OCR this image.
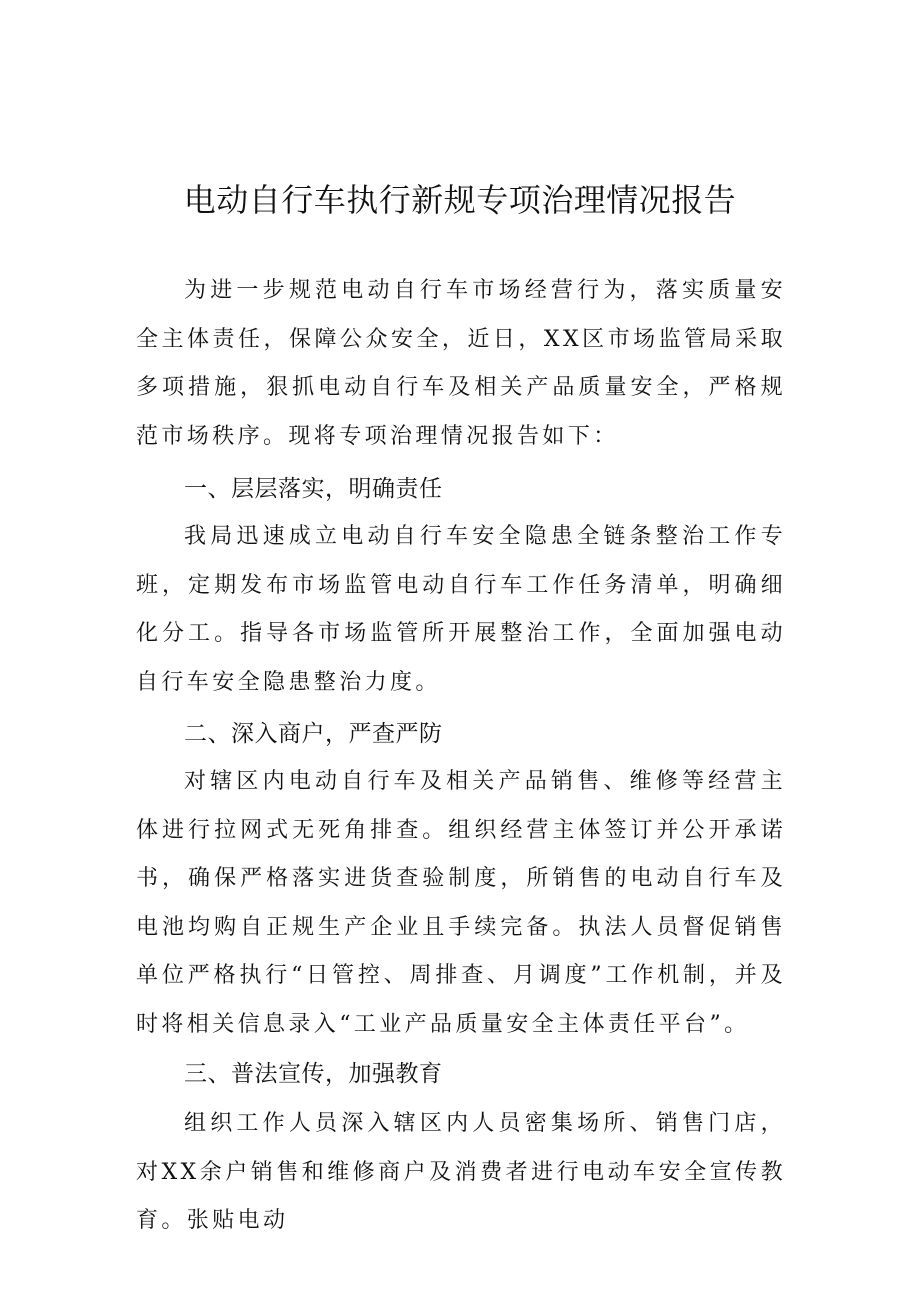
电动自行车执行新规专项治理情况报告

为进一步规范电动自行车市场经营行为，落实质量安全主体责任，保障公众安全，近日，XX区市场监管局采取多项措施，狠抓电动自行车及相关产品质量安全，严格规范市场秩序。现将专项治理情况报告如下：

一、层层落实，明确责任

我局迅速成立电动自行车安全隐患全链条整治工作专班，定期发布市场监管电动自行车工作任务清单，明确细化分工。指导各市场监管所开展整治工作，全面加强电动自行车安全隐患整治力度。

二、深入商户，严查严防

对辖区内电动自行车及相关产品销售、维修等经营主体进行拉网式无死角排查。组织经营主体签订并公开承诺书，确保严格落实进货查验制度，所销售的电动自行车及电池均购自正规生产企业且手续完备。执法人员督促销售单位严格执行“日管控、周排查、月调度”工作机制，并及时将相关信息录入“工业产品质量安全主体责任平台”。

三、普法宣传，加强教育

组织工作人员深入辖区内人员密集场所、销售门店，对XX余户销售和维修商户及消费者进行电动车安全宣传教育。张贴电动
